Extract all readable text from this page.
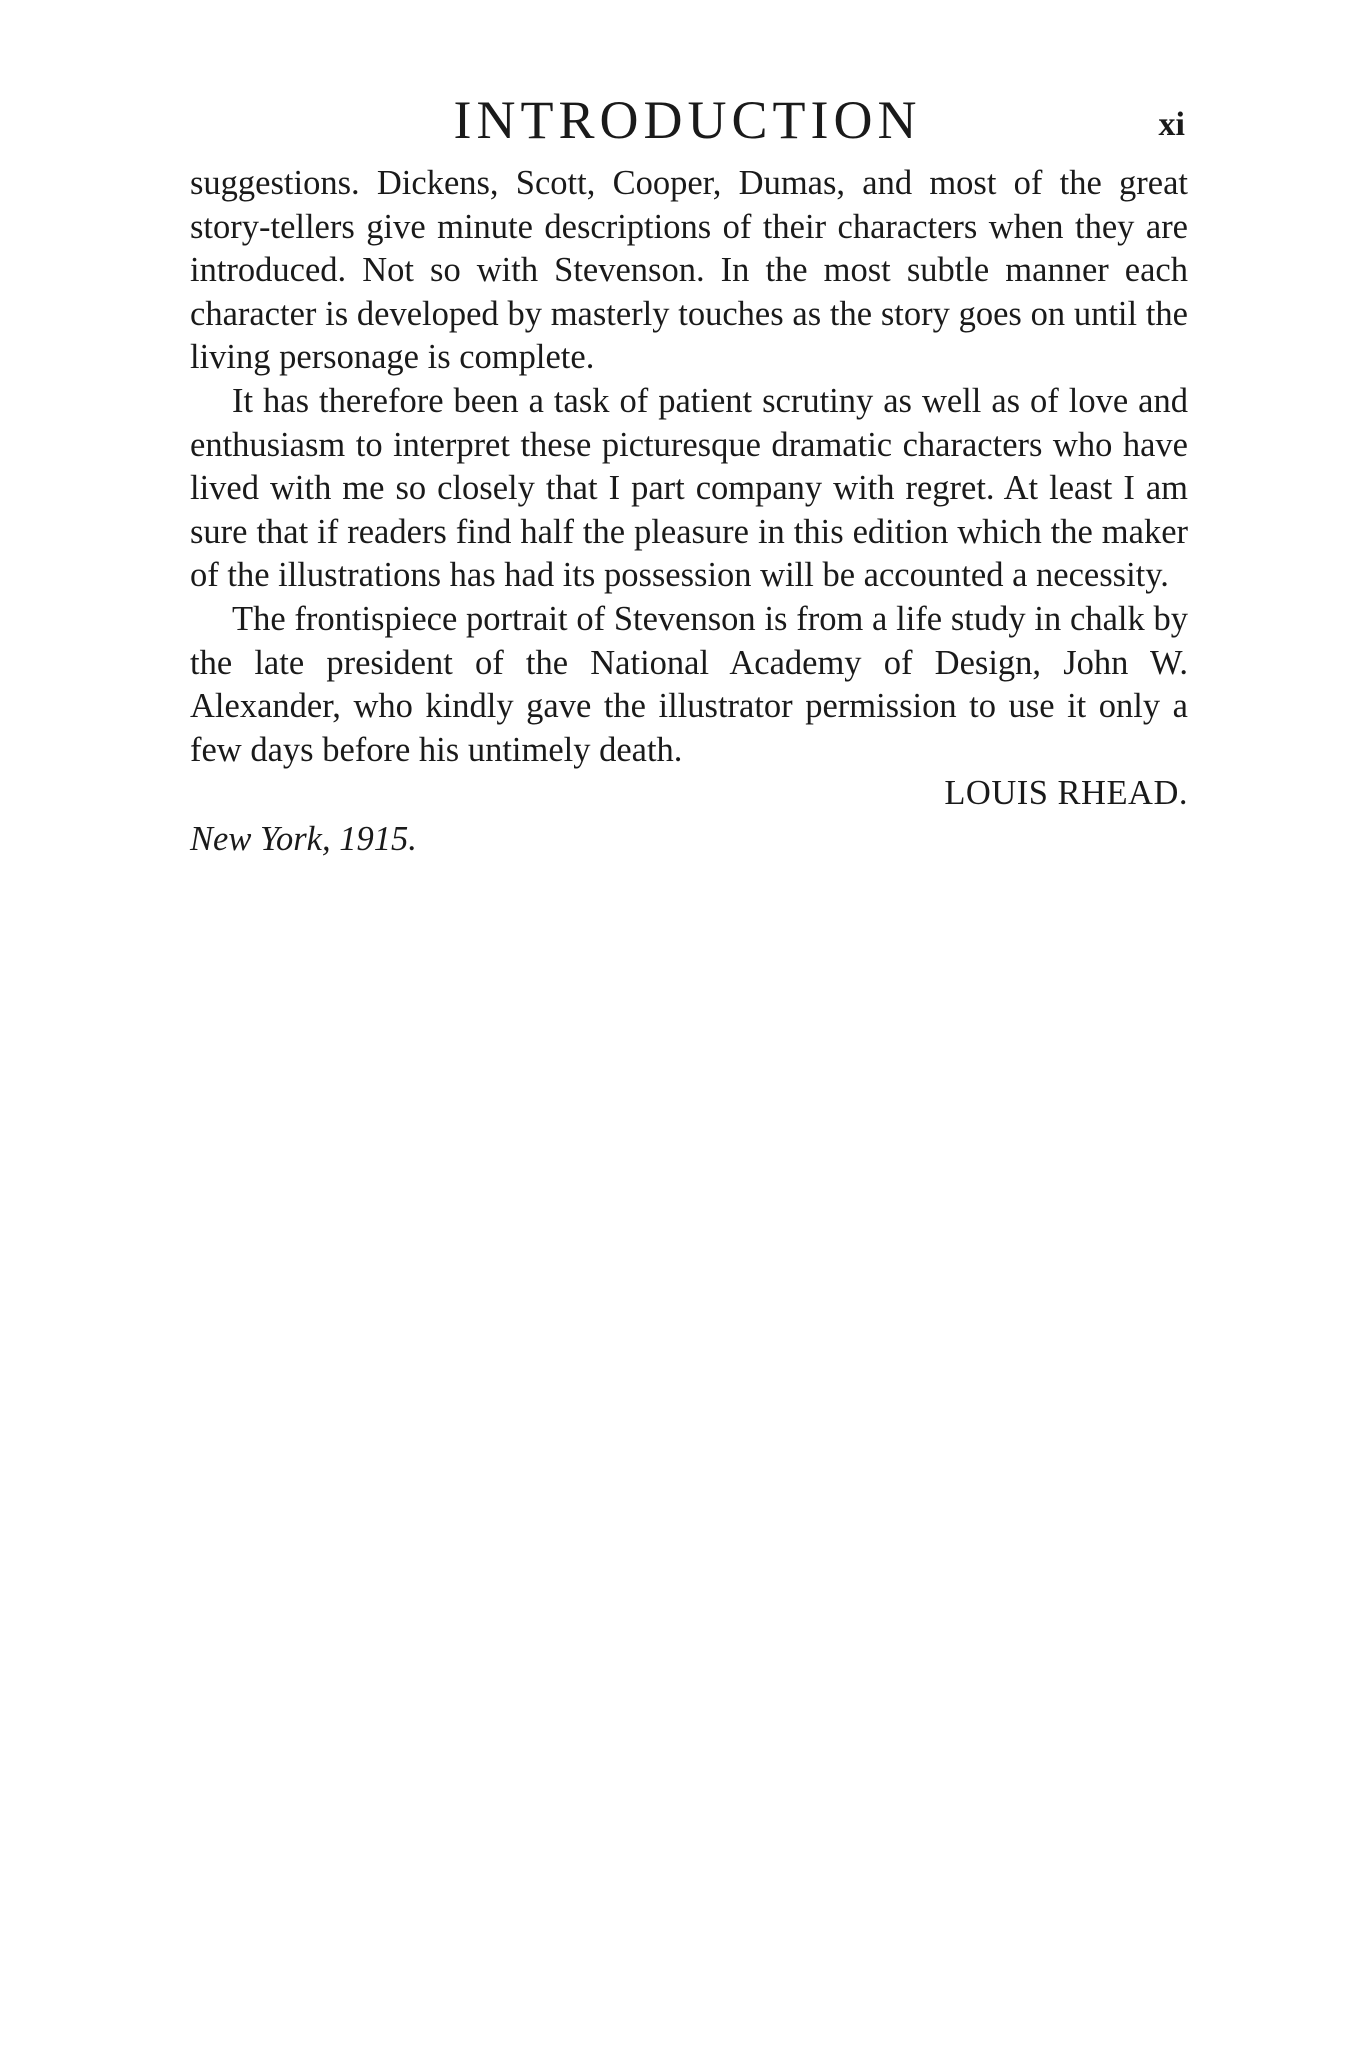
INTRODUCTION	xi

suggestions. Dickens, Scott, Cooper, Dumas, and most of the great story-tellers give minute descriptions of their characters when they are introduced. Not so with Stevenson. In the most subtle manner each character is developed by masterly touches as the story goes on until the living personage is complete.

It has therefore been a task of patient scrutiny as well as of love and enthusiasm to interpret these picturesque dramatic characters who have lived with me so closely that I part company with regret. At least I am sure that if readers find half the pleasure in this edition which the maker of the illustrations has had its possession will be accounted a necessity.

The frontispiece portrait of Stevenson is from a life study in chalk by the late president of the National Academy of Design, John W. Alexander, who kindly gave the illustrator permission to use it only a few days before his untimely death.

LOUIS RHEAD.

New York, 1915.
